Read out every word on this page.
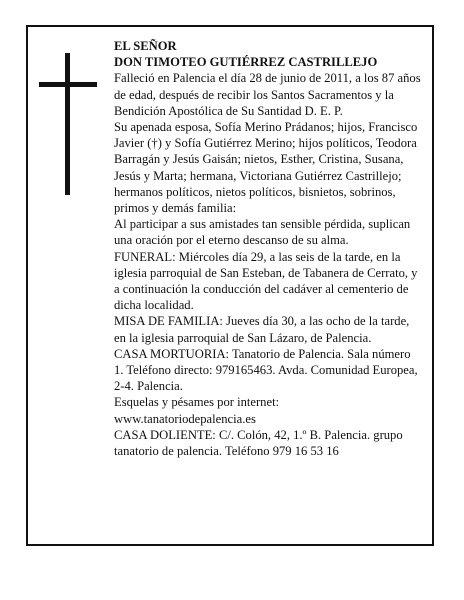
EL SEÑOR

DON TIMOTEO GUTIÉRREZ CASTRILLEJO

Falleció en Palencia el día 28 de junio de 2011, a los 87 años de edad, después de recibir los Santos Sacramentos y la Bendición Apostólica de Su Santidad D. E. P.

Su apenada esposa, Sofía Merino Prádanos; hijos, Francisco Javier (†) y Sofía Gutiérrez Merino; hijos políticos, Teodora Barragán y Jesús Gaisán; nietos, Esther, Cristina, Susana, Jesús y Marta; hermana, Victoriana Gutiérrez Castrillejo; hermanos políticos, nietos políticos, bisnietos, sobrinos, primos y demás familia:

Al participar a sus amistades tan sensible pérdida, suplican una oración por el eterno descanso de su alma.

FUNERAL: Miércoles día 29, a las seis de la tarde, en la iglesia parroquial de San Esteban, de Tabanera de Cerrato, y a continuación la conducción del cadáver al cementerio de dicha localidad.

MISA DE FAMILIA: Jueves día 30, a las ocho de la tarde, en la iglesia parroquial de San Lázaro, de Palencia.

CASA MORTUORIA: Tanatorio de Palencia. Sala número 1. Teléfono directo: 979165463. Avda. Comunidad Europea, 2-4. Palencia.

Esquelas y pésames por internet: www.tanatoriodepalencia.es

CASA DOLIENTE: C/. Colón, 42, 1.º B. Palencia. grupo tanatorio de palencia. Teléfono 979 16 53 16
